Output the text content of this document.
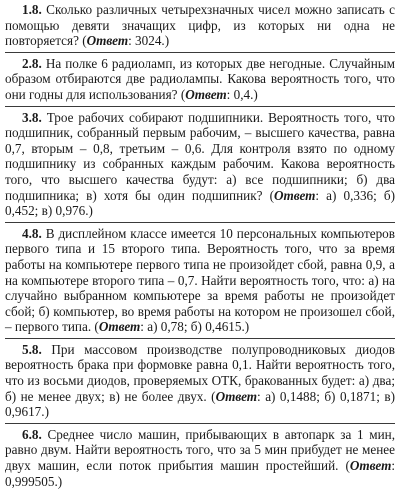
1.8. Сколько различных четырехзначных чисел можно записать с помощью девяти значащих цифр, из которых ни одна не повторяется? (Ответ: 3024.)

2.8. На полке 6 радиоламп, из которых две негодные. Случайным образом отбираются две радиолампы. Какова вероятность того, что они годны для использования? (Ответ: 0,4.)

3.8. Трое рабочих собирают подшипники. Вероятность того, что подшипник, собранный первым рабочим, – высшего качества, равна 0,7, вторым – 0,8, третьим – 0,6. Для контроля взято по одному подшипнику из собранных каждым рабочим. Какова вероятность того, что высшего качества будут: а) все подшипники; б) два подшипника; в) хотя бы один подшипник? (Ответ: а) 0,336; б) 0,452; в) 0,976.)

4.8. В дисплейном классе имеется 10 персональных компьютеров первого типа и 15 второго типа. Вероятность того, что за время работы на компьютере первого типа не произойдет сбой, равна 0,9, а на компьютере второго типа – 0,7. Найти вероятность того, что: а) на случайно выбранном компьютере за время работы не произойдет сбой; б) компьютер, во время работы на котором не произошел сбой, – первого типа. (Ответ: а) 0,78; б) 0,4615.)

5.8. При массовом производстве полупроводниковых диодов вероятность брака при формовке равна 0,1. Найти вероятность того, что из восьми диодов, проверяемых ОТК, бракованных будет: а) два; б) не менее двух; в) не более двух. (Ответ: а) 0,1488; б) 0,1871; в) 0,9617.)

6.8. Среднее число машин, прибывающих в автопарк за 1 мин, равно двум. Найти вероятность того, что за 5 мин прибудет не менее двух машин, если поток прибытия машин простейший. (Ответ: 0,999505.)
